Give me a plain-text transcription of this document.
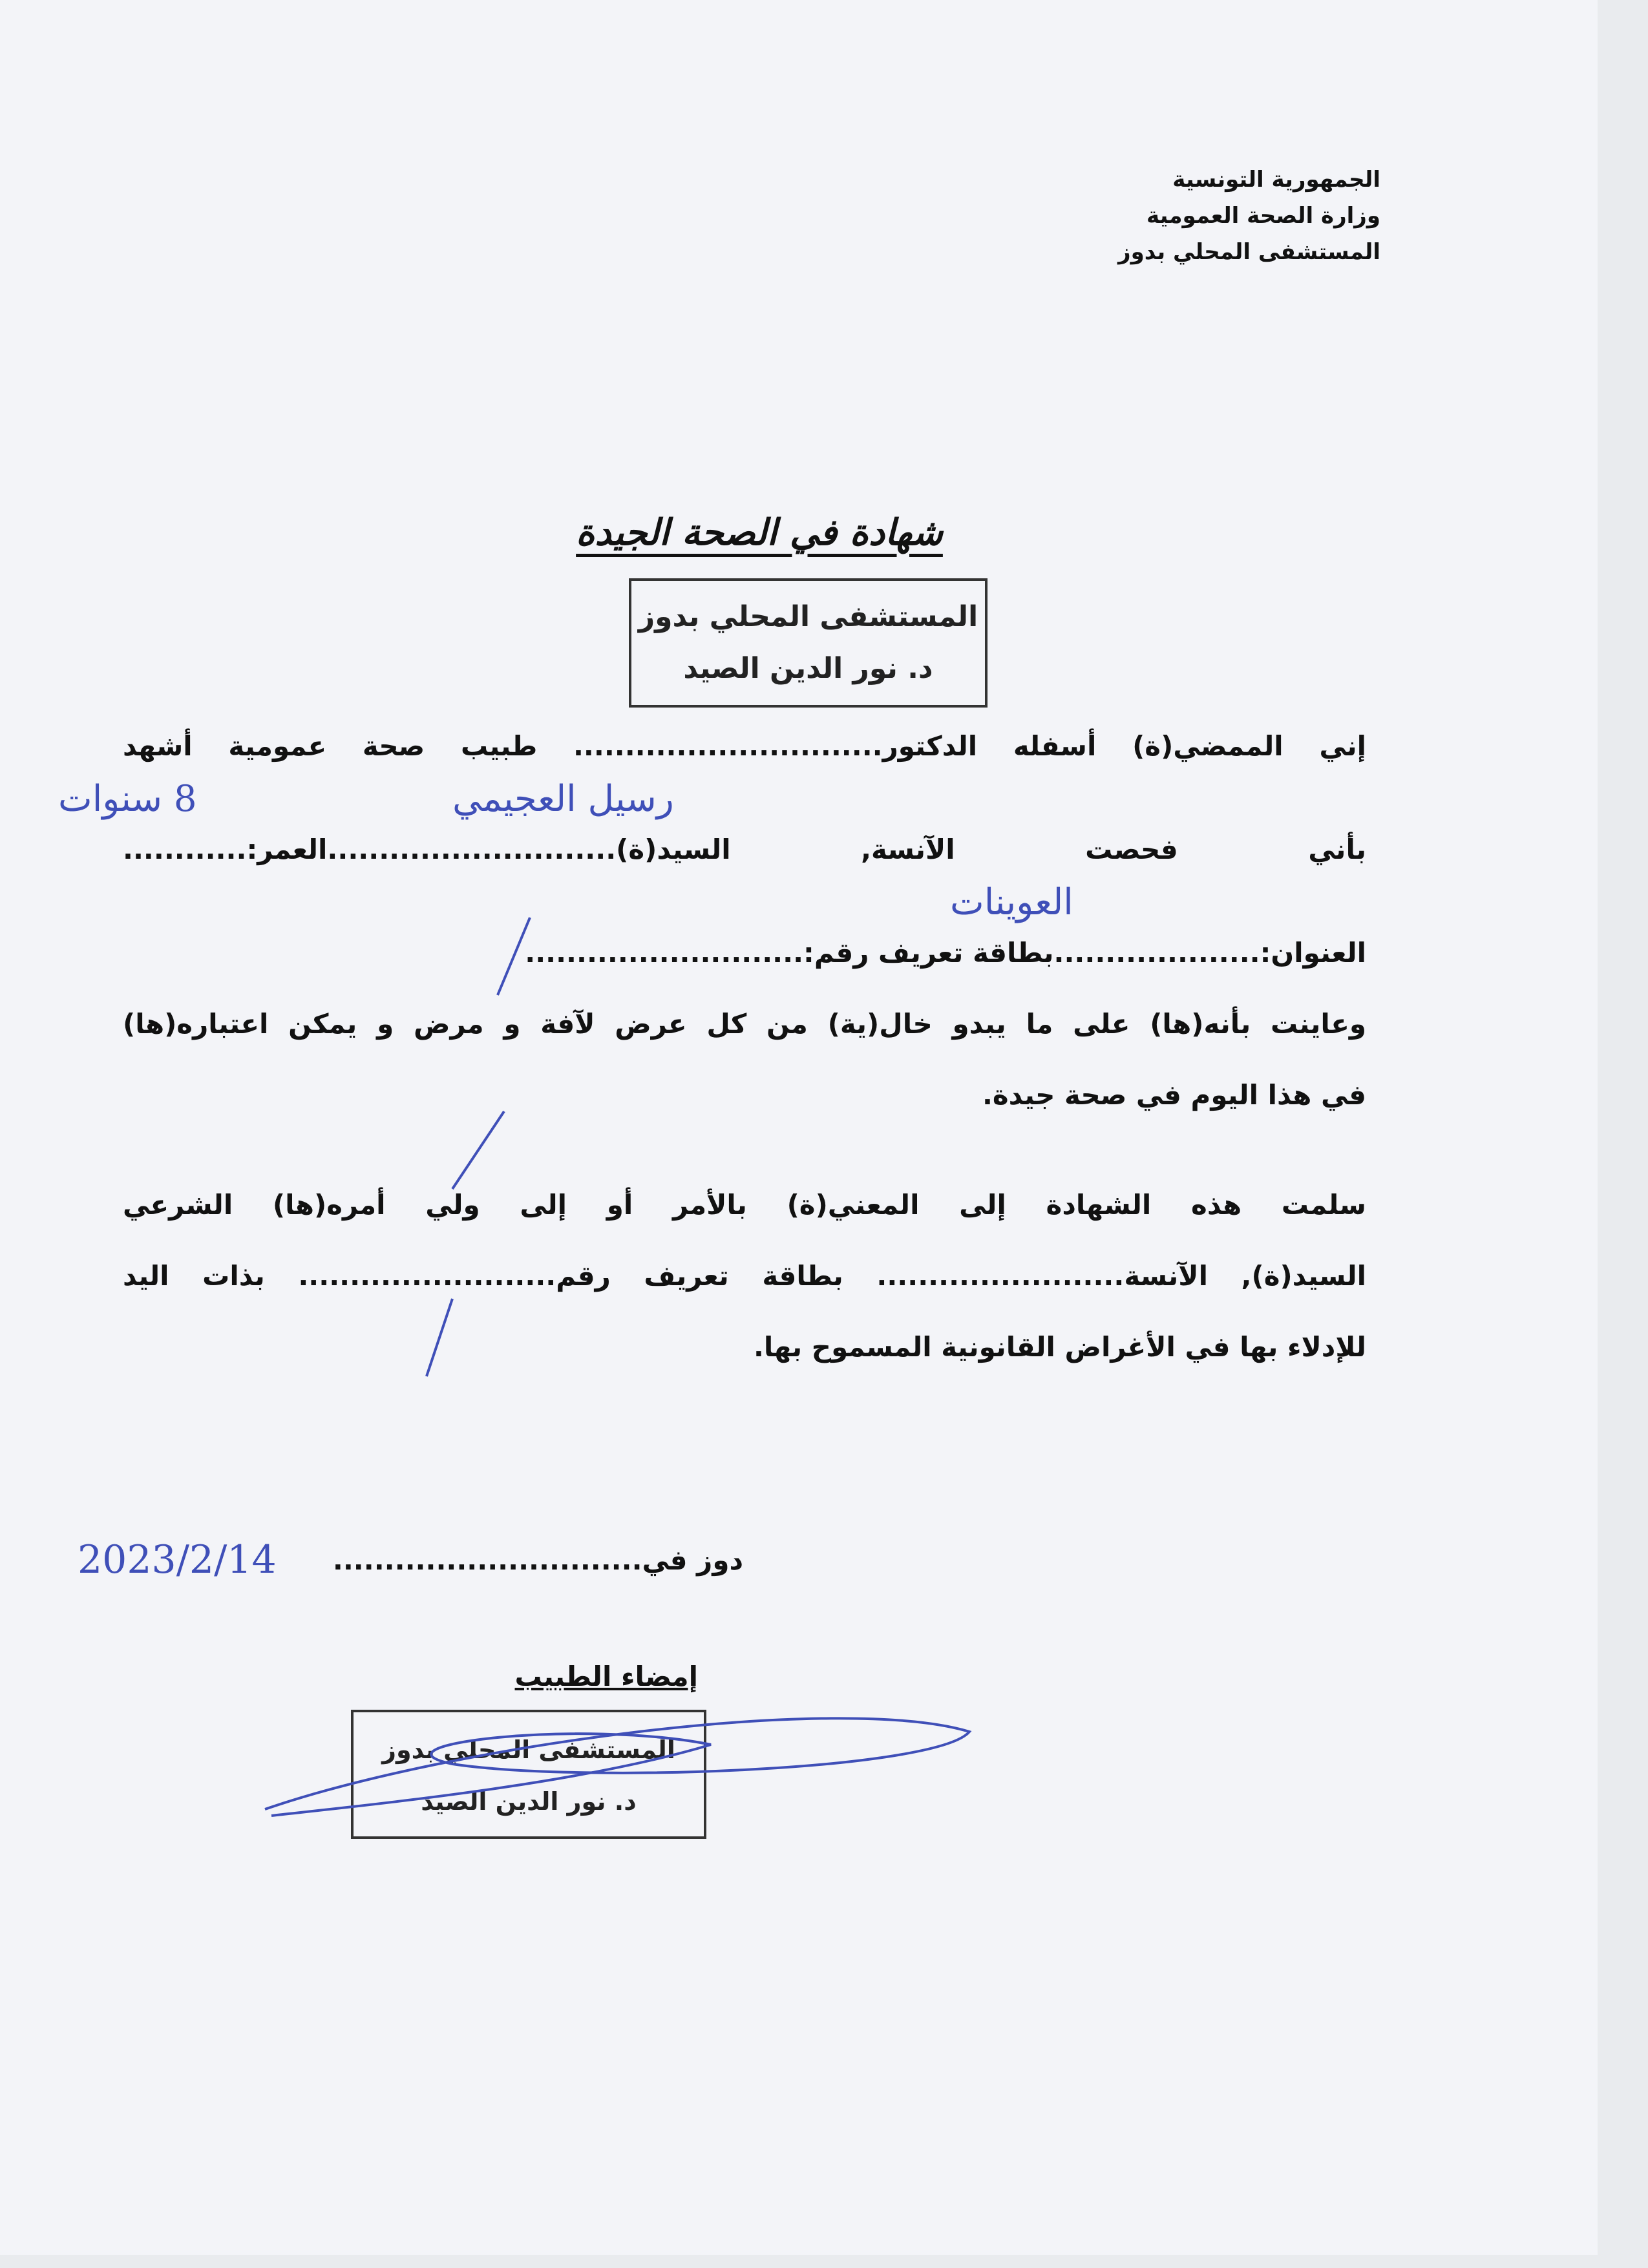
الجمهورية التونسية
وزارة الصحة العمومية
المستشفى المحلي بدوز
شهادة في الصحة الجيدة
المستشفى المحلي بدوز
د. نور الدين الصيد
إني الممضي(ة) أسفله الدكتور.............................. طبيب صحة عمومية أشهد
رسيل العجيمي
8 سنوات
بأني فحصت الآنسة, السيد(ة)............................العمر:............
العوينات
العنوان:....................بطاقة تعريف رقم:...........................
وعاينت بأنه(ها) على ما يبدو خال(ية) من كل عرض لآفة و مرض و يمكن اعتباره(ها)
في هذا اليوم في صحة جيدة.
سلمت هذه الشهادة إلى المعني(ة) بالأمر أو إلى ولي أمره(ها) الشرعي
السيد(ة), الآنسة........................ بطاقة تعريف رقم......................... بذات اليد
للإدلاء بها في الأغراض القانونية المسموح بها.
دوز في..............................
2023/2/14
إمضاء الطبيب
المستشفى المحلي بدوز
د. نور الدين الصيد
